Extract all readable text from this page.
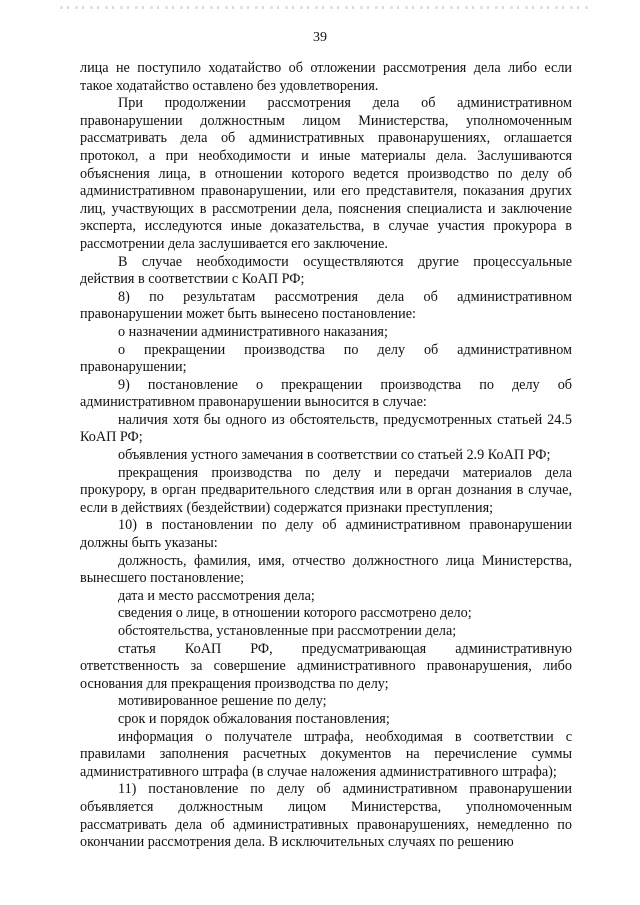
39

лица не поступило ходатайство об отложении рассмотрения дела либо если такое ходатайство оставлено без удовлетворения.

При продолжении рассмотрения дела об административном правонарушении должностным лицом Министерства, уполномоченным рассматривать дела об административных правонарушениях, оглашается протокол, а при необходимости и иные материалы дела. Заслушиваются объяснения лица, в отношении которого ведется производство по делу об административном правонарушении, или его представителя, показания других лиц, участвующих в рассмотрении дела, пояснения специалиста и заключение эксперта, исследуются иные доказательства, в случае участия прокурора в рассмотрении дела заслушивается его заключение.

В случае необходимости осуществляются другие процессуальные действия в соответствии с КоАП РФ;

8) по результатам рассмотрения дела об административном правонарушении может быть вынесено постановление:

о назначении административного наказания;

о прекращении производства по делу об административном правонарушении;

9) постановление о прекращении производства по делу об административном правонарушении выносится в случае:

наличия хотя бы одного из обстоятельств, предусмотренных статьей 24.5 КоАП РФ;

объявления устного замечания в соответствии со статьей 2.9 КоАП РФ;

прекращения производства по делу и передачи материалов дела прокурору, в орган предварительного следствия или в орган дознания в случае, если в действиях (бездействии) содержатся признаки преступления;

10) в постановлении по делу об административном правонарушении должны быть указаны:

должность, фамилия, имя, отчество должностного лица Министерства, вынесшего постановление;

дата и место рассмотрения дела;

сведения о лице, в отношении которого рассмотрено дело;

обстоятельства, установленные при рассмотрении дела;

статья КоАП РФ, предусматривающая административную ответственность за совершение административного правонарушения, либо основания для прекращения производства по делу;

мотивированное решение по делу;

срок и порядок обжалования постановления;

информация о получателе штрафа, необходимая в соответствии с правилами заполнения расчетных документов на перечисление суммы административного штрафа (в случае наложения административного штрафа);

11) постановление по делу об административном правонарушении объявляется должностным лицом Министерства, уполномоченным рассматривать дела об административных правонарушениях, немедленно по окончании рассмотрения дела. В исключительных случаях по решению
